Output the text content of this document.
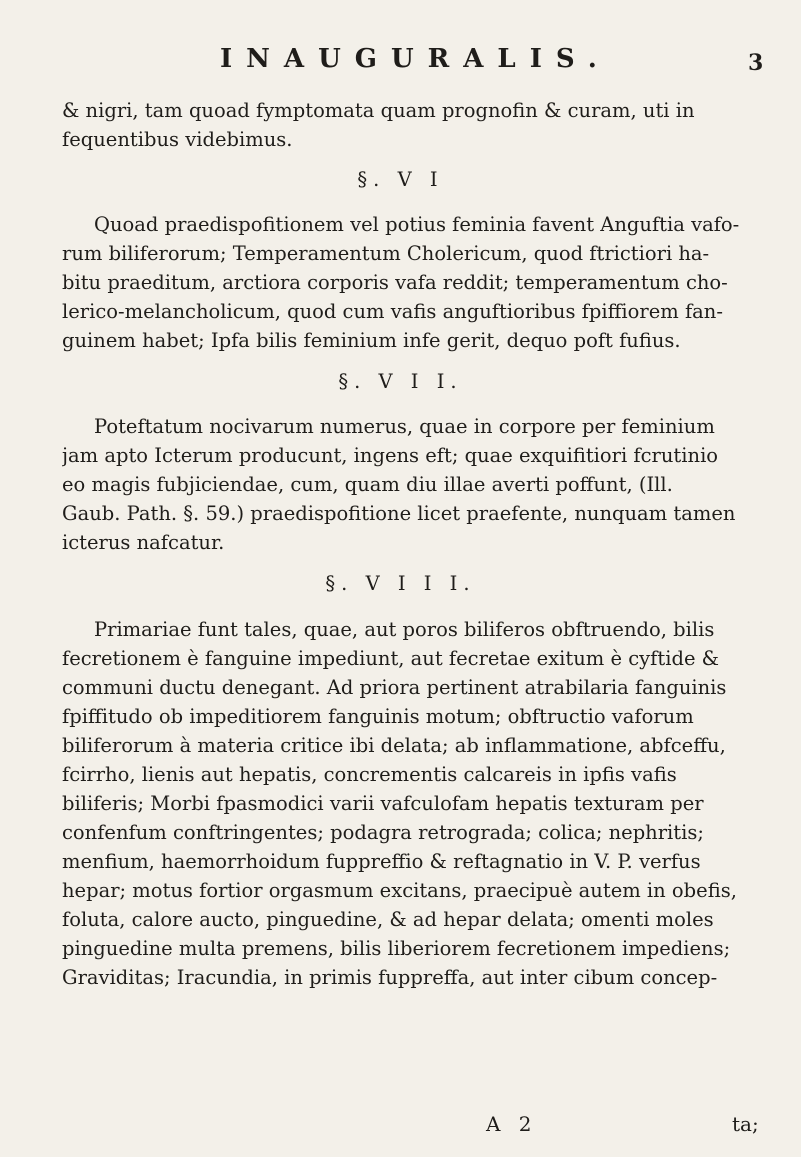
INAUGURALIS.	3
& nigri, tam quoad fymptomata quam prognofin & curam, uti in
fequentibus videbimus.
§. V I
Quoad praedispofitionem vel potius feminia favent Anguftia vafo-
rum biliferorum; Temperamentum Cholericum, quod ftrictiori ha-
bitu praeditum, arctiora corporis vafa reddit; temperamentum cho-
lerico-melancholicum, quod cum vafis anguftioribus fpiffiorem fan-
guinem habet; Ipfa bilis feminium infe gerit, dequo poft fufius.
§. V I I.
Poteftatum nocivarum numerus, quae in corpore per feminium
jam apto Icterum producunt, ingens eft; quae exquifitiori fcrutinio
eo magis fubjiciendae, cum, quam diu illae averti poffunt, (Ill.
Gaub. Path. §. 59.) praedispofitione licet praefente, nunquam tamen
icterus nafcatur.
§. V I I I.
Primariae funt tales, quae, aut poros biliferos obftruendo, bilis
fecretionem è fanguine impediunt, aut fecretae exitum è cyftide &
communi ductu denegant. Ad priora pertinent atrabilaria fanguinis
fpiffitudo ob impeditiorem fanguinis motum; obftructio vaforum
biliferorum à materia critice ibi delata; ab inflammatione, abfceffu,
fcirrho, lienis aut hepatis, concrementis calcareis in ipfis vafis
biliferis; Morbi fpasmodici varii vafculofam hepatis texturam per
confenfum conftringentes; podagra retrograda; colica; nephritis;
menfium, haemorrhoidum fuppreffio & reftagnatio in V. P. verfus
hepar; motus fortior orgasmum excitans, praecipuè autem in obefis,
foluta, calore aucto, pinguedine, & ad hepar delata; omenti moles
pinguedine multa premens, bilis liberiorem fecretionem impediens;
Graviditas; Iracundia, in primis fuppreffa, aut inter cibum concep-
A 2	ta;
